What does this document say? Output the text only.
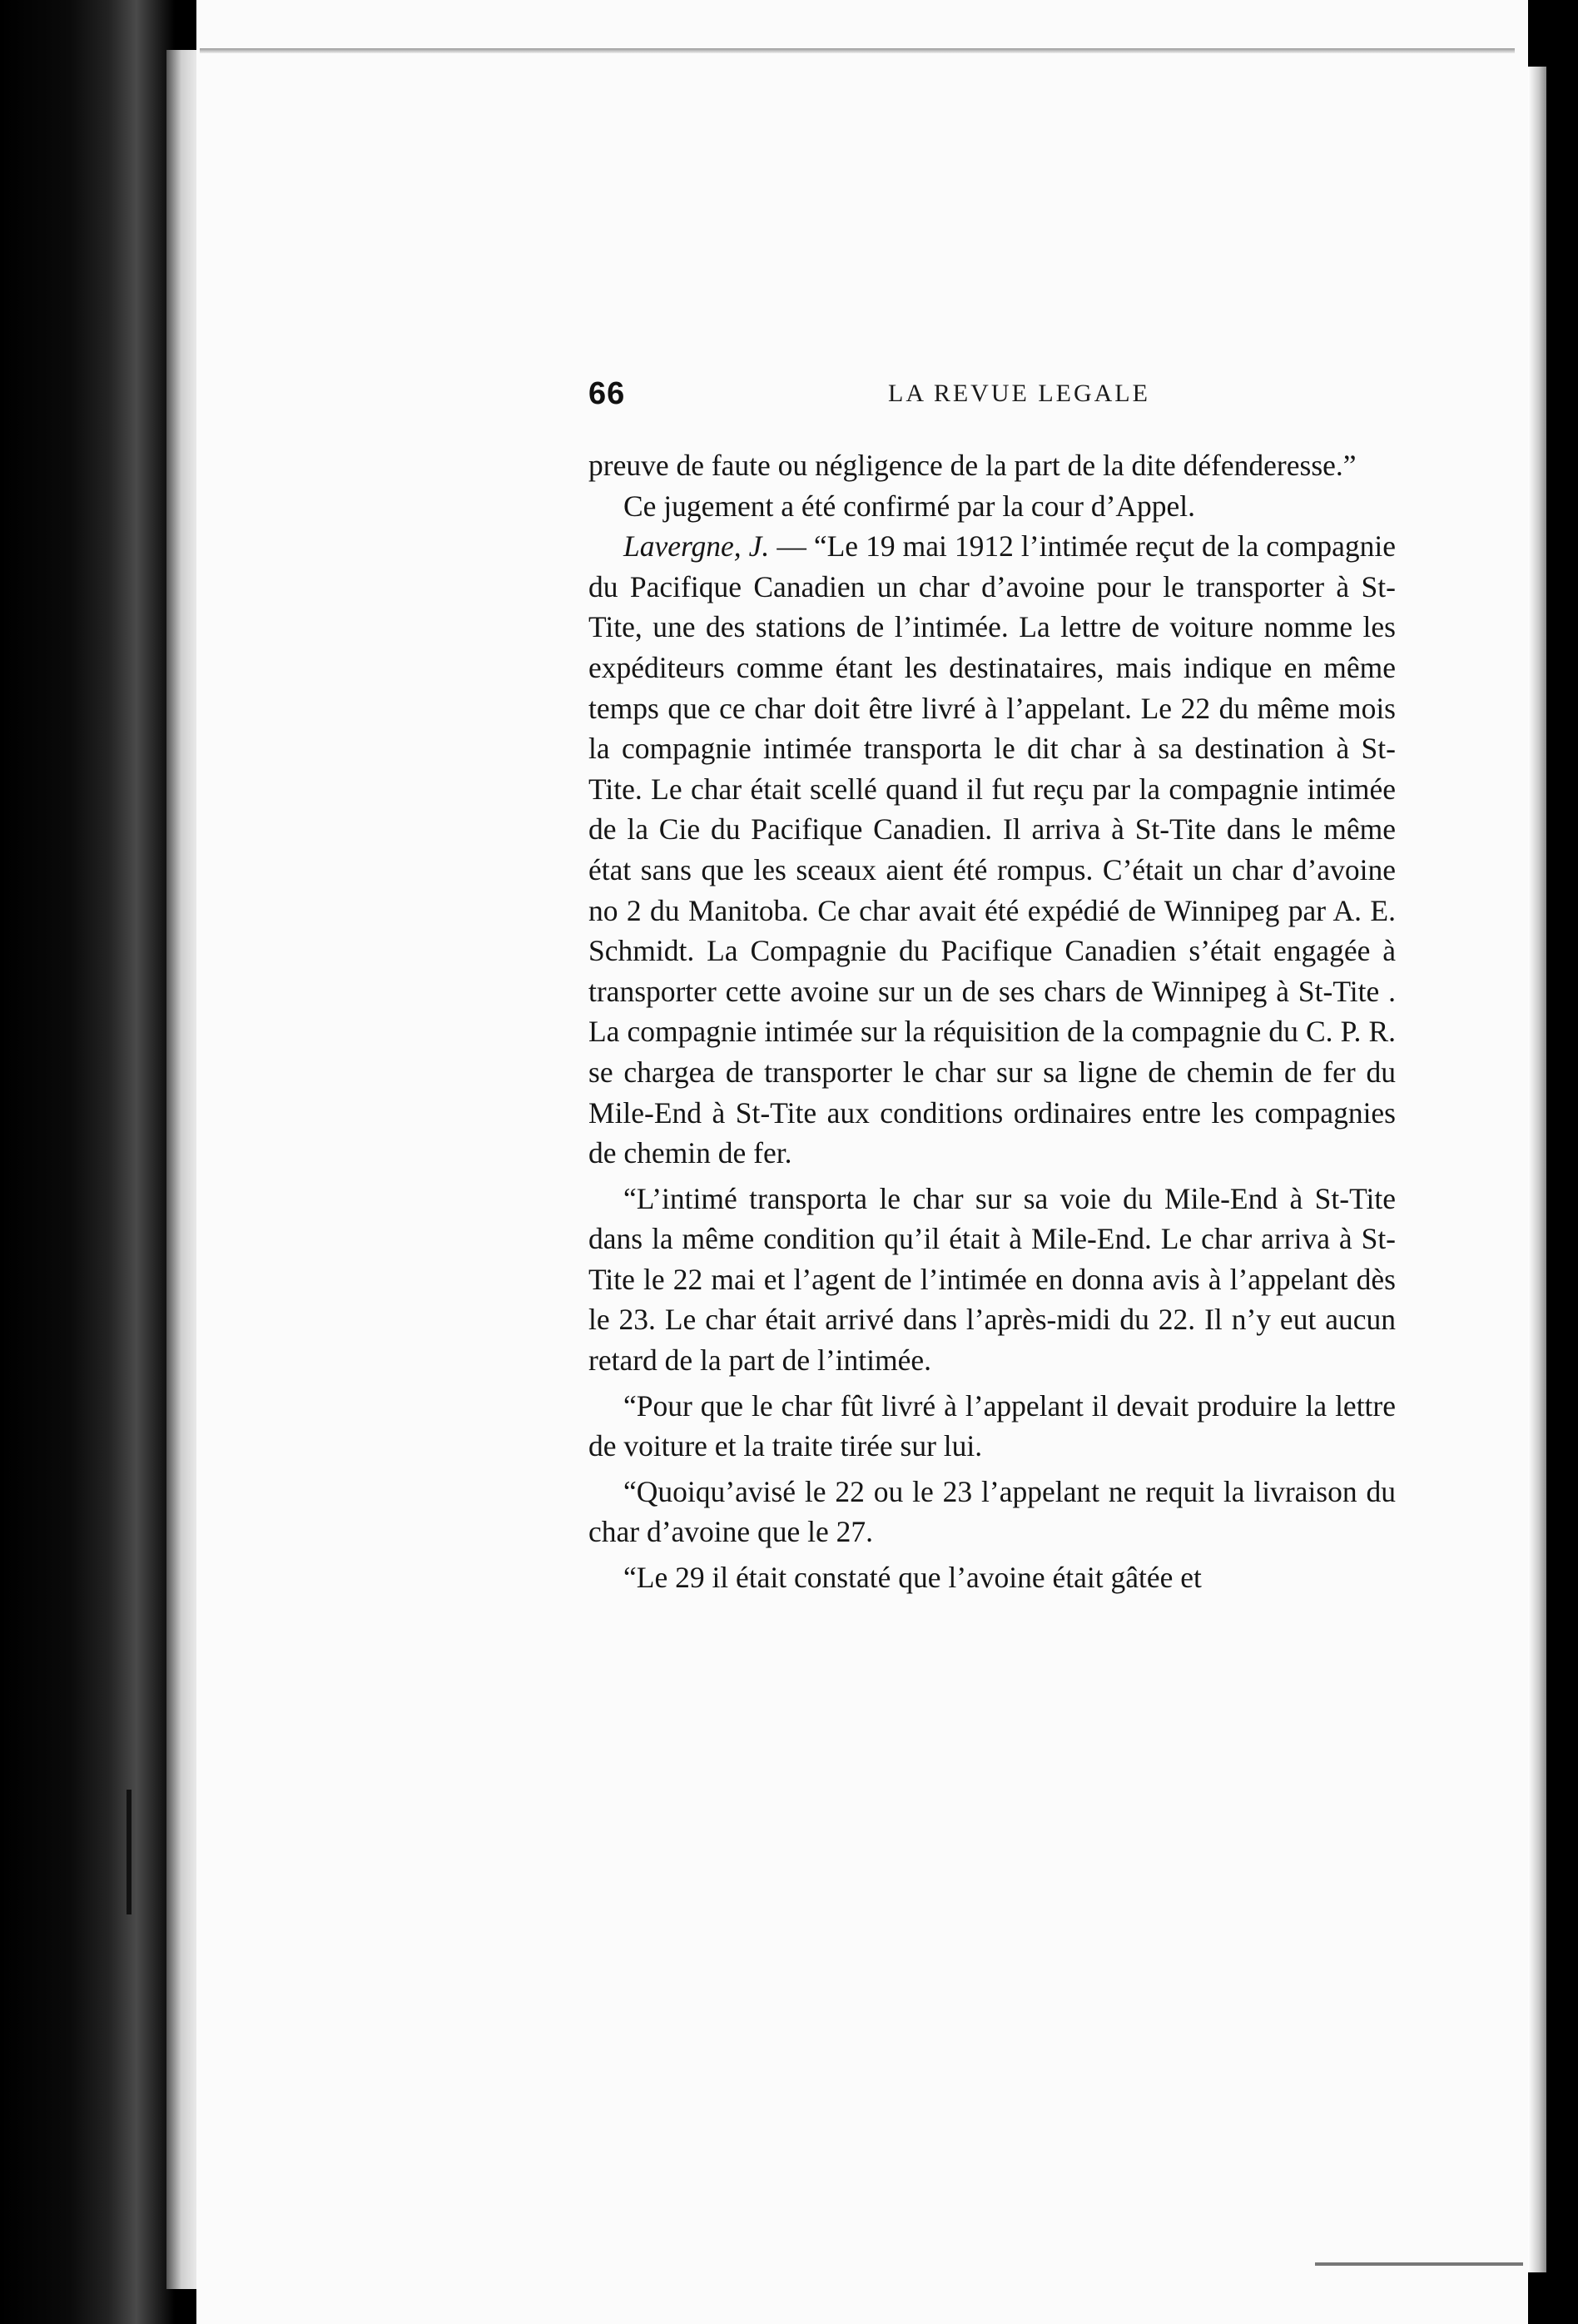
66	LA REVUE LEGALE

preuve de faute ou négligence de la part de la dite défenderesse.”

Ce jugement a été confirmé par la cour d’Appel.

Lavergne, J. — “Le 19 mai 1912 l’intimée reçut de la compagnie du Pacifique Canadien un char d’avoine pour le transporter à St-Tite, une des stations de l’intimée. La lettre de voiture nomme les expéditeurs comme étant les destinataires, mais indique en même temps que ce char doit être livré à l’appelant. Le 22 du même mois la compagnie intimée transporta le dit char à sa destination à St-Tite. Le char était scellé quand il fut reçu par la compagnie intimée de la Cie du Pacifique Canadien. Il arriva à St-Tite dans le même état sans que les sceaux aient été rompus. C’était un char d’avoine no 2 du Manitoba. Ce char avait été expédié de Winnipeg par A. E. Schmidt. La Compagnie du Pacifique Canadien s’était engagée à transporter cette avoine sur un de ses chars de Winnipeg à St-Tite . La compagnie intimée sur la réquisition de la compagnie du C. P. R. se chargea de transporter le char sur sa ligne de chemin de fer du Mile-End à St-Tite aux conditions ordinaires entre les compagnies de chemin de fer.

“L’intimé transporta le char sur sa voie du Mile-End à St-Tite dans la même condition qu’il était à Mile-End. Le char arriva à St-Tite le 22 mai et l’agent de l’intimée en donna avis à l’appelant dès le 23. Le char était arrivé dans l’après-midi du 22. Il n’y eut aucun retard de la part de l’intimée.

“Pour que le char fût livré à l’appelant il devait produire la lettre de voiture et la traite tirée sur lui.

“Quoiqu’avisé le 22 ou le 23 l’appelant ne requit la livraison du char d’avoine que le 27.

“Le 29 il était constaté que l’avoine était gâtée et
